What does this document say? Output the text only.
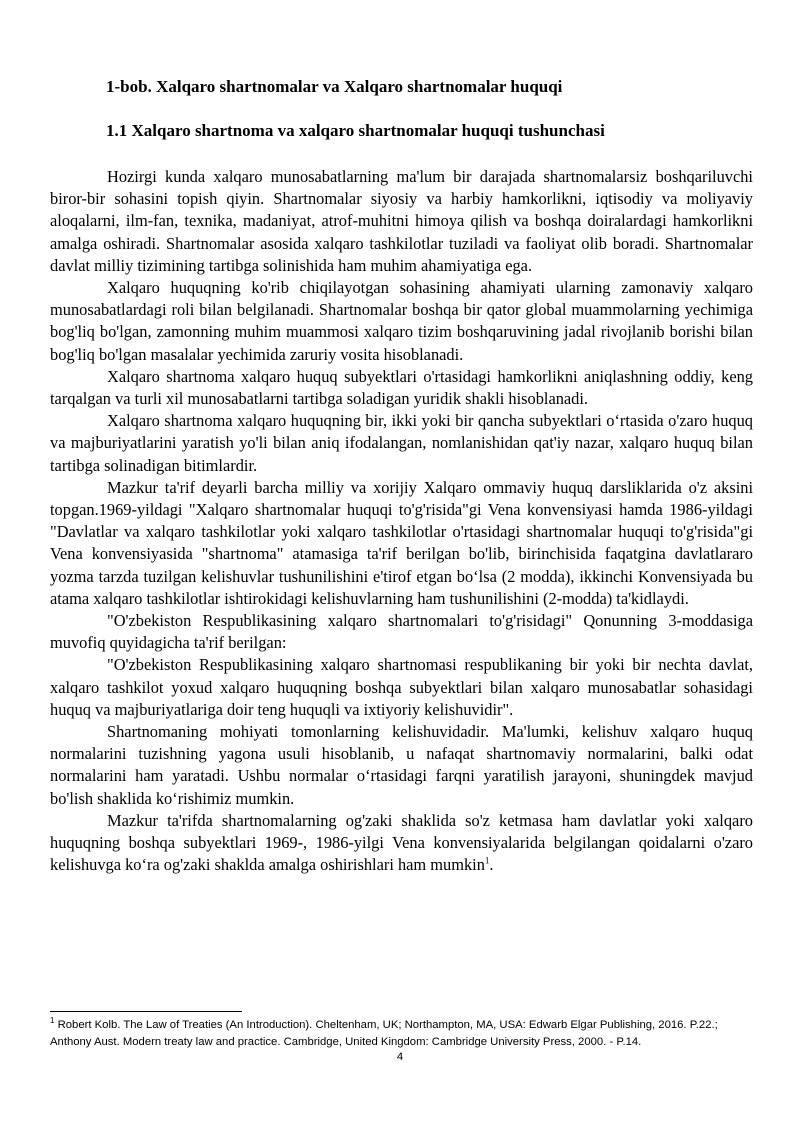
1-bob. Xalqaro shartnomalar va Xalqaro shartnomalar huquqi
1.1 Xalqaro shartnoma va xalqaro shartnomalar huquqi tushunchasi

Hozirgi kunda xalqaro munosabatlarning ma'lum bir darajada shartnomalarsiz boshqariluvchi biror-bir sohasini topish qiyin. Shartnomalar siyosiy va harbiy hamkorlikni, iqtisodiy va moliyaviy aloqalarni, ilm-fan, texnika, madaniyat, atrof-muhitni himoya qilish va boshqa doiralardagi hamkorlikni amalga oshiradi. Shartnomalar asosida xalqaro tashkilotlar tuziladi va faoliyat olib boradi. Shartnomalar davlat milliy tizimining tartibga solinishida ham muhim ahamiyatiga ega.

Xalqaro huquqning ko'rib chiqilayotgan sohasining ahamiyati ularning zamonaviy xalqaro munosabatlardagi roli bilan belgilanadi. Shartnomalar boshqa bir qator global muammolarning yechimiga bog'liq bo'lgan, zamonning muhim muammosi xalqaro tizim boshqaruvining jadal rivojlanib borishi bilan bog'liq bo'lgan masalalar yechimida zaruriy vosita hisoblanadi.

Xalqaro shartnoma xalqaro huquq subyektlari o'rtasidagi hamkorlikni aniqlashning oddiy, keng tarqalgan va turli xil munosabatlarni tartibga soladigan yuridik shakli hisoblanadi.

Xalqaro shartnoma xalqaro huquqning bir, ikki yoki bir qancha subyektlari o‘rtasida o'zaro huquq va majburiyatlarini yaratish yo'li bilan aniq ifodalangan, nomlanishidan qat'iy nazar, xalqaro huquq bilan tartibga solinadigan bitimlardir.

Mazkur ta'rif deyarli barcha milliy va xorijiy Xalqaro ommaviy huquq darsliklarida o'z aksini topgan.1969-yildagi "Xalqaro shartnomalar huquqi to'g'risida"gi Vena konvensiyasi hamda 1986-yildagi "Davlatlar va xalqaro tashkilotlar yoki xalqaro tashkilotlar o'rtasidagi shartnomalar huquqi to'g'risida"gi Vena konvensiyasida "shartnoma" atamasiga ta'rif berilgan bo'lib, birinchisida faqatgina davlatlararo yozma tarzda tuzilgan kelishuvlar tushunilishini e'tirof etgan bo‘lsa (2 modda), ikkinchi Konvensiyada bu atama xalqaro tashkilotlar ishtirokidagi kelishuvlarning ham tushunilishini (2-modda) ta'kidlaydi.

"O'zbekiston Respublikasining xalqaro shartnomalari to'g'risidagi" Qonunning 3-moddasiga muvofiq quyidagicha ta'rif berilgan:

"O'zbekiston Respublikasining xalqaro shartnomasi respublikaning bir yoki bir nechta davlat, xalqaro tashkilot yoxud xalqaro huquqning boshqa subyektlari bilan xalqaro munosabatlar sohasidagi huquq va majburiyatlariga doir teng huquqli va ixtiyoriy kelishuvidir".

Shartnomaning mohiyati tomonlarning kelishuvidadir. Ma'lumki, kelishuv xalqaro huquq normalarini tuzishning yagona usuli hisoblanib, u nafaqat shartnomaviy normalarini, balki odat normalarini ham yaratadi. Ushbu normalar o‘rtasidagi farqni yaratilish jarayoni, shuningdek mavjud bo'lish shaklida ko‘rishimiz mumkin.

Mazkur ta'rifda shartnomalarning og'zaki shaklida so'z ketmasa ham davlatlar yoki xalqaro huquqning boshqa subyektlari 1969-, 1986-yilgi Vena konvensiyalarida belgilangan qoidalarni o'zaro kelishuvga ko‘ra og'zaki shaklda amalga oshirishlari ham mumkin$^1$.

$^1$ Robert Kolb. The Law of Treaties (An Introduction). Cheltenham, UK; Northampton, MA, USA: Edwarb Elgar Publishing, 2016. P.22.; Anthony Aust. Modern treaty law and practice. Cambridge, United Kingdom: Cambridge University Press, 2000. - P.14.

4
